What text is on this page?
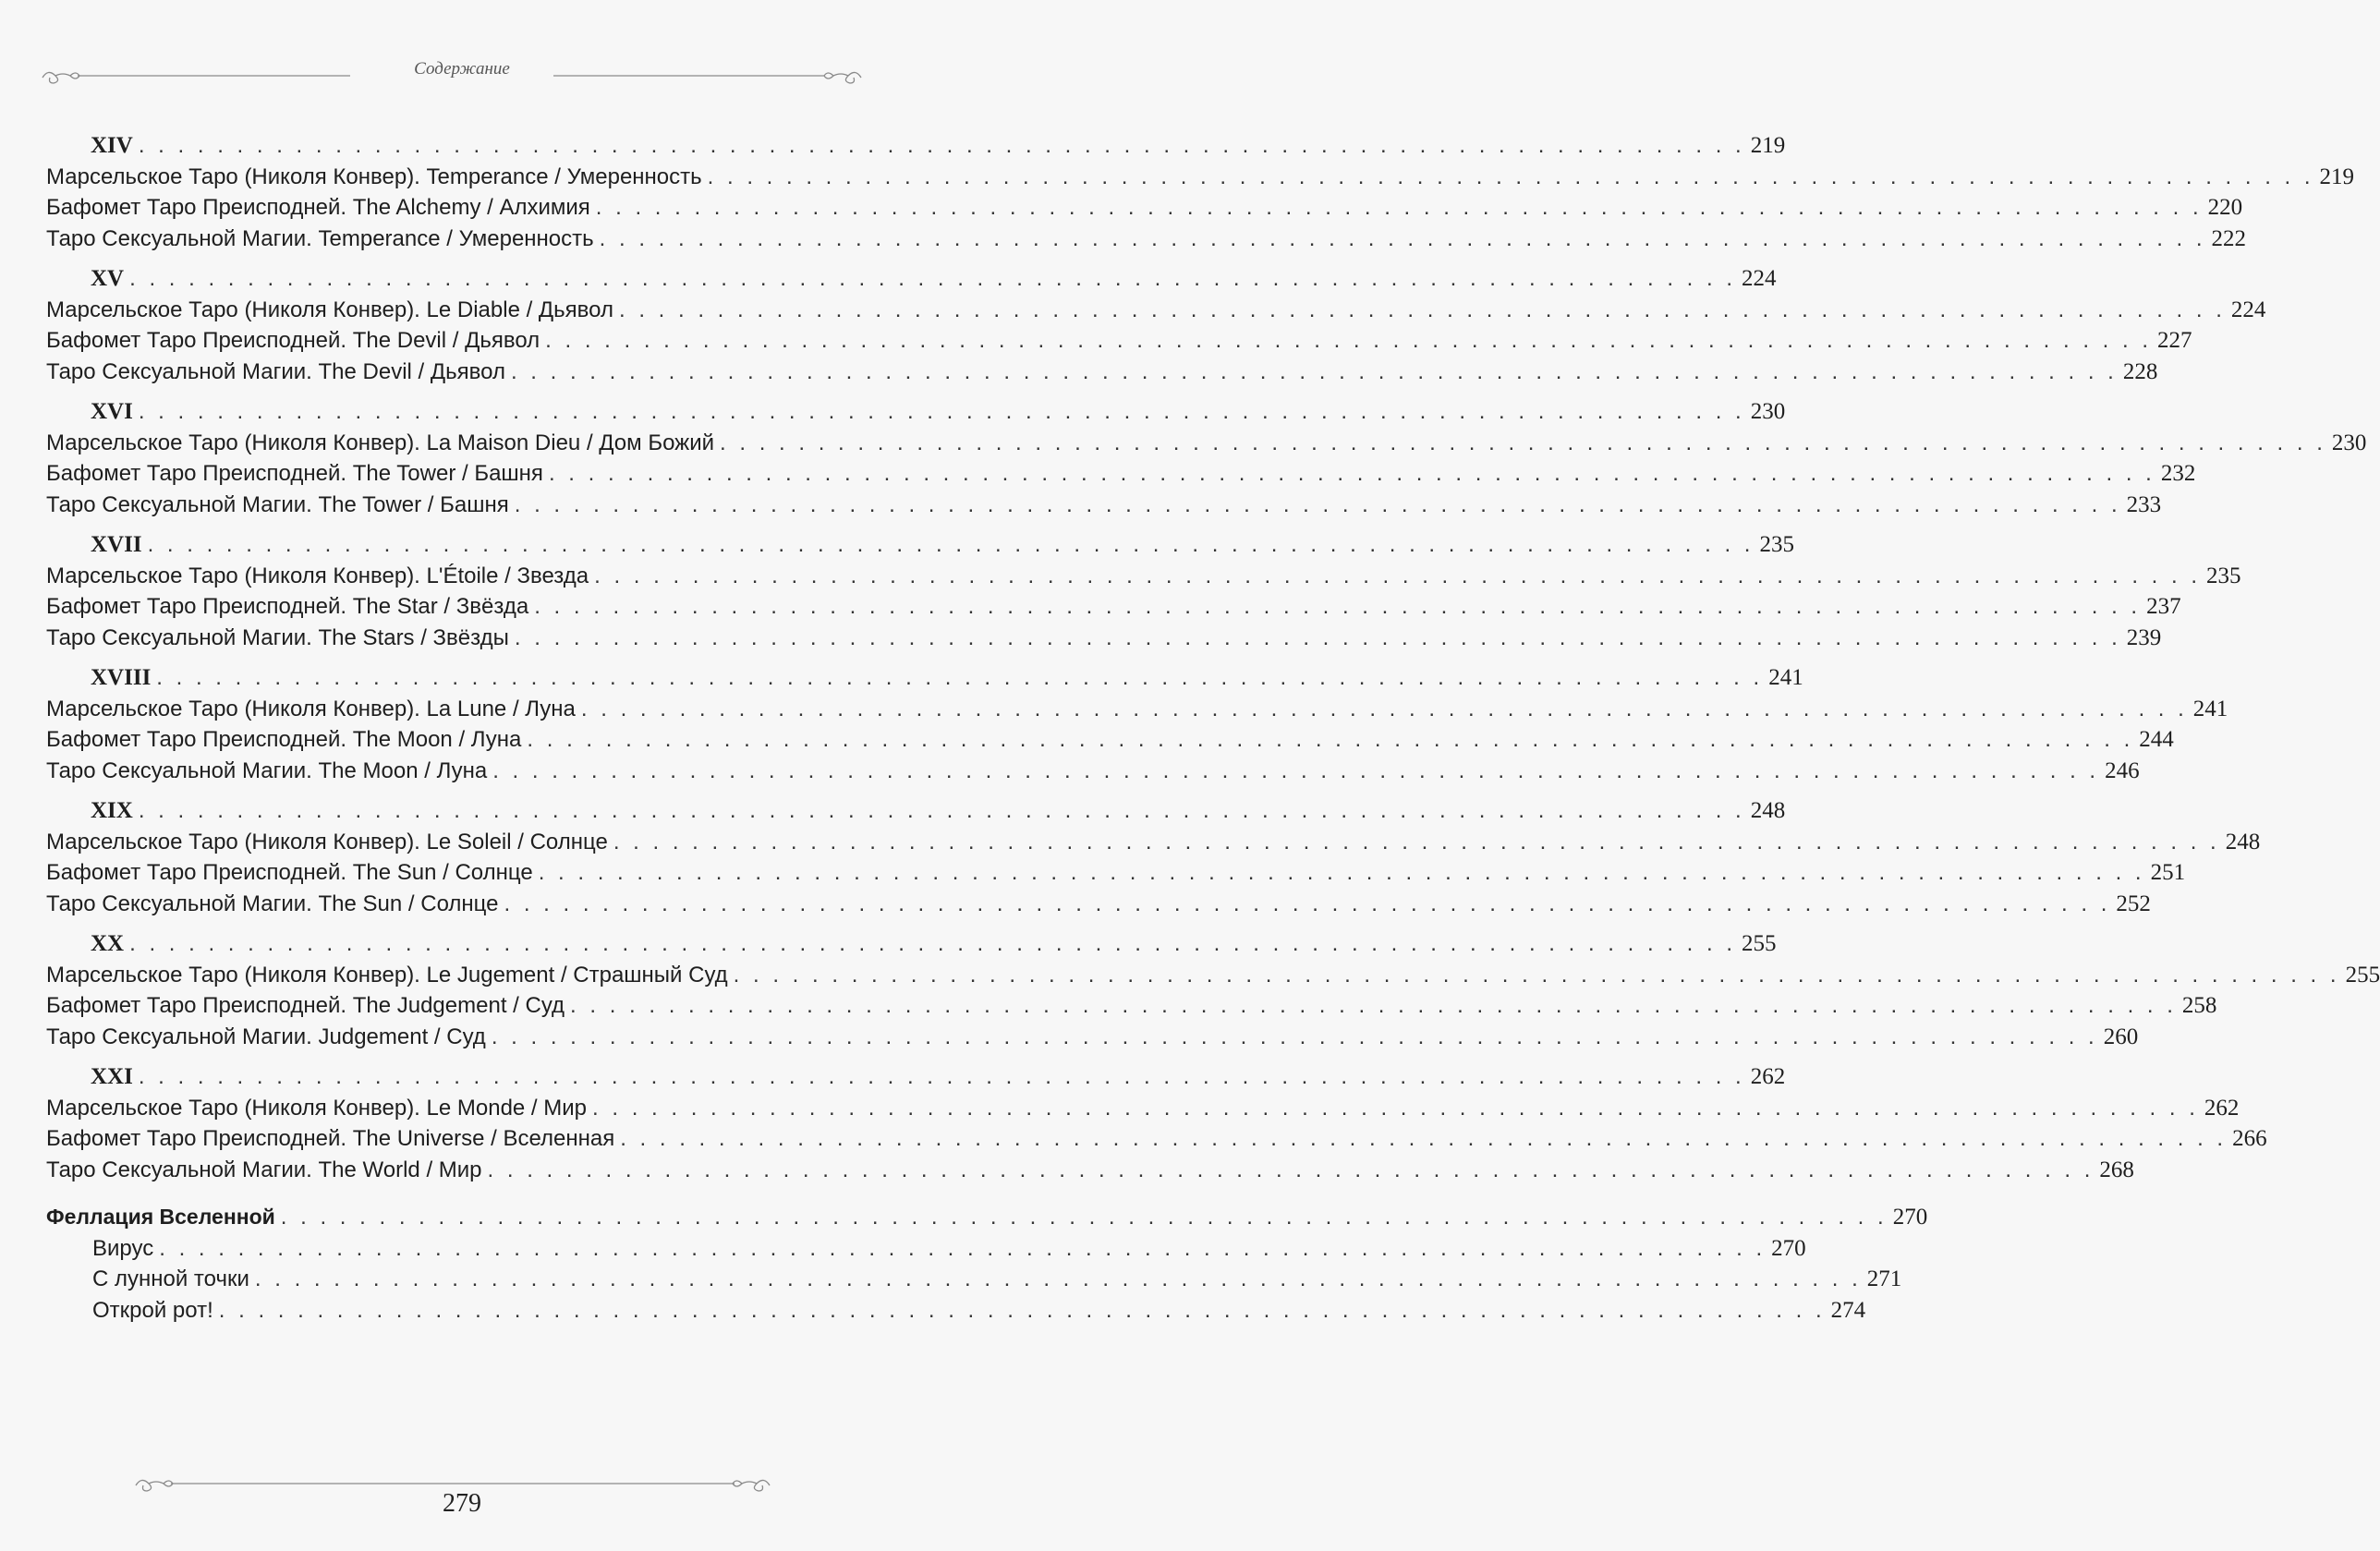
Содержание
XIV . . . . . . . . . . . . . . . . . . . . . . . . . . . . . . . . . . . . . . . . . . . . . . . . . . . . . . . . . . . . . . . . . . . . . . . . . . . . . . . . . . 219
Марсельское Таро (Николя Конвер). Temperance / Умеренность . . . . . . . . . . . . . . . . . . . . . . . . . . . . . . . . . . . . . . . . . . . . . . . . . . . . . . . . . . . . . . . . . . . . . . . . . . . . . . . . . . 219
Бафомет Таро Преисподней. The Alchemy / Алхимия . . . . . . . . . . . . . . . . . . . . . . . . . . . . . . . . . . . . . . . . . . . . . . . . . . . . . . . . . . . . . . . . . . . . . . . . . . . . . . . . . . 220
Таро Сексуальной Магии. Temperance / Умеренность . . . . . . . . . . . . . . . . . . . . . . . . . . . . . . . . . . . . . . . . . . . . . . . . . . . . . . . . . . . . . . . . . . . . . . . . . . . . . . . . . . 222
XV . . . . . . . . . . . . . . . . . . . . . . . . . . . . . . . . . . . . . . . . . . . . . . . . . . . . . . . . . . . . . . . . . . . . . . . . . . . . . . . . . . 224
Марсельское Таро (Николя Конвер). Le Diable / Дьявол . . . . . . . . . . . . . . . . . . . . . . . . . . . . . . . . . . . . . . . . . . . . . . . . . . . . . . . . . . . . . . . . . . . . . . . . . . . . . . . . . . 224
Бафомет Таро Преисподней. The Devil / Дьявол . . . . . . . . . . . . . . . . . . . . . . . . . . . . . . . . . . . . . . . . . . . . . . . . . . . . . . . . . . . . . . . . . . . . . . . . . . . . . . . . . . 227
Таро Сексуальной Магии. The Devil / Дьявол . . . . . . . . . . . . . . . . . . . . . . . . . . . . . . . . . . . . . . . . . . . . . . . . . . . . . . . . . . . . . . . . . . . . . . . . . . . . . . . . . . 228
XVI . . . . . . . . . . . . . . . . . . . . . . . . . . . . . . . . . . . . . . . . . . . . . . . . . . . . . . . . . . . . . . . . . . . . . . . . . . . . . . . . . . 230
Марсельское Таро (Николя Конвер). La Maison Dieu / Дом Божий . . . . . . . . . . . . . . . . . . . . . . . . . . . . . . . . . . . . . . . . . . . . . . . . . . . . . . . . . . . . . . . . . . . . . . . . . . . . . . . . . . 230
Бафомет Таро Преисподней. The Tower / Башня . . . . . . . . . . . . . . . . . . . . . . . . . . . . . . . . . . . . . . . . . . . . . . . . . . . . . . . . . . . . . . . . . . . . . . . . . . . . . . . . . . 232
Таро Сексуальной Магии. The Tower / Башня . . . . . . . . . . . . . . . . . . . . . . . . . . . . . . . . . . . . . . . . . . . . . . . . . . . . . . . . . . . . . . . . . . . . . . . . . . . . . . . . . . 233
XVII . . . . . . . . . . . . . . . . . . . . . . . . . . . . . . . . . . . . . . . . . . . . . . . . . . . . . . . . . . . . . . . . . . . . . . . . . . . . . . . . . . 235
Марсельское Таро (Николя Конвер). L'Étoile / Звезда . . . . . . . . . . . . . . . . . . . . . . . . . . . . . . . . . . . . . . . . . . . . . . . . . . . . . . . . . . . . . . . . . . . . . . . . . . . . . . . . . . 235
Бафомет Таро Преисподней. The Star / Звёзда . . . . . . . . . . . . . . . . . . . . . . . . . . . . . . . . . . . . . . . . . . . . . . . . . . . . . . . . . . . . . . . . . . . . . . . . . . . . . . . . . . 237
Таро Сексуальной Магии. The Stars / Звёзды . . . . . . . . . . . . . . . . . . . . . . . . . . . . . . . . . . . . . . . . . . . . . . . . . . . . . . . . . . . . . . . . . . . . . . . . . . . . . . . . . . 239
XVIII . . . . . . . . . . . . . . . . . . . . . . . . . . . . . . . . . . . . . . . . . . . . . . . . . . . . . . . . . . . . . . . . . . . . . . . . . . . . . . . . . . 241
Марсельское Таро (Николя Конвер). La Lune / Луна . . . . . . . . . . . . . . . . . . . . . . . . . . . . . . . . . . . . . . . . . . . . . . . . . . . . . . . . . . . . . . . . . . . . . . . . . . . . . . . . . . 241
Бафомет Таро Преисподней. The Moon / Луна . . . . . . . . . . . . . . . . . . . . . . . . . . . . . . . . . . . . . . . . . . . . . . . . . . . . . . . . . . . . . . . . . . . . . . . . . . . . . . . . . . 244
Таро Сексуальной Магии. The Moon / Луна . . . . . . . . . . . . . . . . . . . . . . . . . . . . . . . . . . . . . . . . . . . . . . . . . . . . . . . . . . . . . . . . . . . . . . . . . . . . . . . . . . 246
XIX . . . . . . . . . . . . . . . . . . . . . . . . . . . . . . . . . . . . . . . . . . . . . . . . . . . . . . . . . . . . . . . . . . . . . . . . . . . . . . . . . . 248
Марсельское Таро (Николя Конвер). Le Soleil / Солнце . . . . . . . . . . . . . . . . . . . . . . . . . . . . . . . . . . . . . . . . . . . . . . . . . . . . . . . . . . . . . . . . . . . . . . . . . . . . . . . . . . 248
Бафомет Таро Преисподней. The Sun / Солнце . . . . . . . . . . . . . . . . . . . . . . . . . . . . . . . . . . . . . . . . . . . . . . . . . . . . . . . . . . . . . . . . . . . . . . . . . . . . . . . . . . 251
Таро Сексуальной Магии. The Sun / Солнце . . . . . . . . . . . . . . . . . . . . . . . . . . . . . . . . . . . . . . . . . . . . . . . . . . . . . . . . . . . . . . . . . . . . . . . . . . . . . . . . . . 252
XX . . . . . . . . . . . . . . . . . . . . . . . . . . . . . . . . . . . . . . . . . . . . . . . . . . . . . . . . . . . . . . . . . . . . . . . . . . . . . . . . . . 255
Марсельское Таро (Николя Конвер). Le Jugement / Страшный Суд . . . . . . . . . . . . . . . . . . . . . . . . . . . . . . . . . . . . . . . . . . . . . . . . . . . . . . . . . . . . . . . . . . . . . . . . . . . . . . . . . . 255
Бафомет Таро Преисподней. The Judgement / Суд . . . . . . . . . . . . . . . . . . . . . . . . . . . . . . . . . . . . . . . . . . . . . . . . . . . . . . . . . . . . . . . . . . . . . . . . . . . . . . . . . . 258
Таро Сексуальной Магии. Judgement / Суд . . . . . . . . . . . . . . . . . . . . . . . . . . . . . . . . . . . . . . . . . . . . . . . . . . . . . . . . . . . . . . . . . . . . . . . . . . . . . . . . . . 260
XXI . . . . . . . . . . . . . . . . . . . . . . . . . . . . . . . . . . . . . . . . . . . . . . . . . . . . . . . . . . . . . . . . . . . . . . . . . . . . . . . . . . 262
Марсельское Таро (Николя Конвер). Le Monde / Мир . . . . . . . . . . . . . . . . . . . . . . . . . . . . . . . . . . . . . . . . . . . . . . . . . . . . . . . . . . . . . . . . . . . . . . . . . . . . . . . . . . 262
Бафомет Таро Преисподней. The Universe / Вселенная . . . . . . . . . . . . . . . . . . . . . . . . . . . . . . . . . . . . . . . . . . . . . . . . . . . . . . . . . . . . . . . . . . . . . . . . . . . . . . . . . . 266
Таро Сексуальной Магии. The World / Мир . . . . . . . . . . . . . . . . . . . . . . . . . . . . . . . . . . . . . . . . . . . . . . . . . . . . . . . . . . . . . . . . . . . . . . . . . . . . . . . . . . 268
Феллация Вселенной . . . . . . . . . . . . . . . . . . . . . . . . . . . . . . . . . . . . . . . . . . . . . . . . . . . . . . . . . . . . . . . . . . . . . . . . . . . . . . . . . . 270
Вирус . . . . . . . . . . . . . . . . . . . . . . . . . . . . . . . . . . . . . . . . . . . . . . . . . . . . . . . . . . . . . . . . . . . . . . . . . . . . . . . . . . 270
С лунной точки . . . . . . . . . . . . . . . . . . . . . . . . . . . . . . . . . . . . . . . . . . . . . . . . . . . . . . . . . . . . . . . . . . . . . . . . . . . . . . . . . . 271
Открой рот! . . . . . . . . . . . . . . . . . . . . . . . . . . . . . . . . . . . . . . . . . . . . . . . . . . . . . . . . . . . . . . . . . . . . . . . . . . . . . . . . . . 274
279
